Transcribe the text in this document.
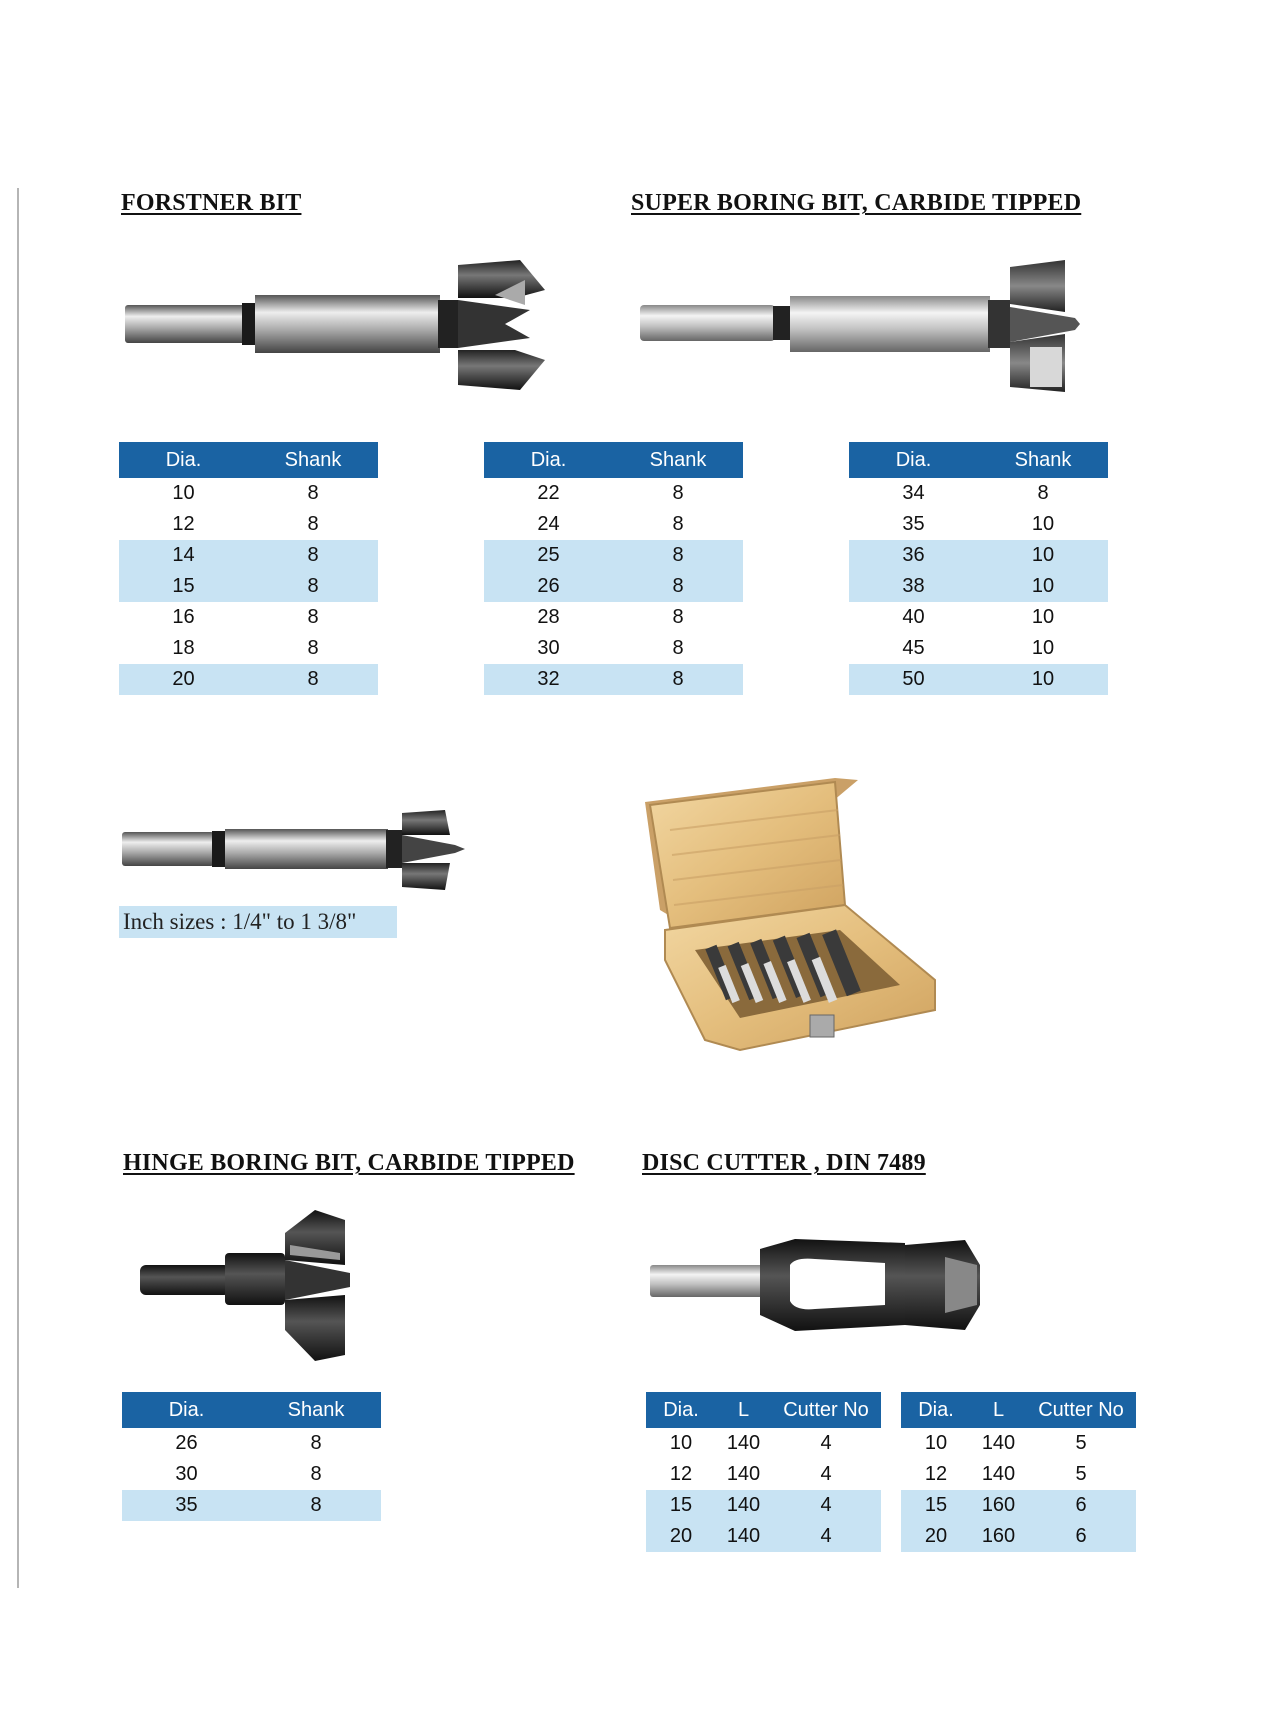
FORSTNER BIT	SUPER BORING BIT, CARBIDE TIPPED
HINGE BORING BIT, CARBIDE TIPPED	DISC CUTTER , DIN 7489
Dia.	Shank
10	8
12	8
14	8
15	8
16	8
18	8
20	8
Dia.	Shank
22	8
24	8
25	8
26	8
28	8
30	8
32	8
Dia.	Shank
34	8
35	10
36	10
38	10
40	10
45	10
50	10
Inch sizes : 1/4" to 1 3/8"
Dia.	Shank
26	8
30	8
35	8
Dia.	L	Cutter No
10	140	4
12	140	4
15	140	4
20	140	4
Dia.	L	Cutter No
10	140	5
12	140	5
15	160	6
20	160	6
